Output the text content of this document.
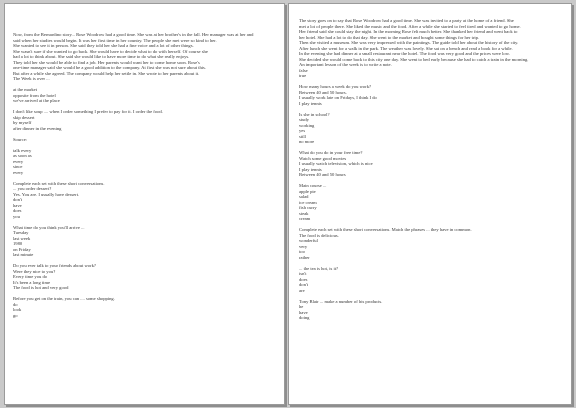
Now, from the Bernardino story... Rose Woodrow had a good time. She was at her brother's in the fall. Her manager was at her and
said when her studies would begin. It was her first time in her country. The people she met were so kind to her.
She wanted to see it in person. She said they told her she had a fine voice and a lot of other things.
She wasn't sure if she wanted to go back. She would have to decide what to do with herself. Of course she
had a lot to think about. She said she would like to have more time to do what she really enjoys.
They told her she would be able to find a job. Her parents would want her to come home soon. Rose's
one-time manager said she would be a good addition to the company. At first she was not sure about this.
But after a while she agreed. The company would help her settle in. She wrote to her parents about it.
The Week is over ...
at the market
opposite from the hotel
we've arrived at the place
I don't like soup .... when I order something I prefer to pay for it. I order the food.
skip dessert
by myself
after dinner in the evening
Source:
talk every
as soon as
every
since
every
Complete each set with these short conversations.
... you order dessert?
Yes. You are. I usually have dessert.
don't
have
does
you
What time do you think you'll arrive ...
Tuesday
last week
1980
on Friday
last minute
Do you ever talk to your friends about work?
Were they nice to you?
Every time you do
It's been a long time
The food is hot and very good
Before you get on the train, you can .... some shopping.
do
look
go
The story goes on to say that Rose Woodrow had a good time. She was invited to a party at the home of a friend. She
met a lot of people there. She liked the music and the food. After a while she started to feel tired and wanted to go home.
Her friend said she could stay the night. In the morning Rose felt much better. She thanked her friend and went back to
her hotel. She had a lot to do that day. She went to the market and bought some things for her trip.
Then she visited a museum. She was very impressed with the paintings. The guide told her about the history of the city.
After lunch she went for a walk in the park. The weather was lovely. She sat on a bench and read a book for a while.
In the evening she had dinner at a small restaurant near the hotel. The food was very good and the prices were low.
She decided she would come back to this city one day. She went to bed early because she had to catch a train in the morning.
An important lesson of the week is to write a note.
false
true
How many hours a week do you work?
Between 40 and 50 hours.
I usually work late on Fridays, I think I do
I play tennis
Is she in school?
study
working
yes
still
no more
What do you do in your free time?
Watch some good movies
I usually watch television, which is nice
I play tennis
Between 40 and 50 hours
Main course ...
apple pie
salad
ice cream
fish curry
steak
cream
Complete each set with these short conversations. Match the phrases ... they have in common.
The food is delicious.
wonderful
very
too
rather
... the tea is hot, is it?
isn't
does
don't
are
Tony Blair ... make a number of his products.
he
have
doing
